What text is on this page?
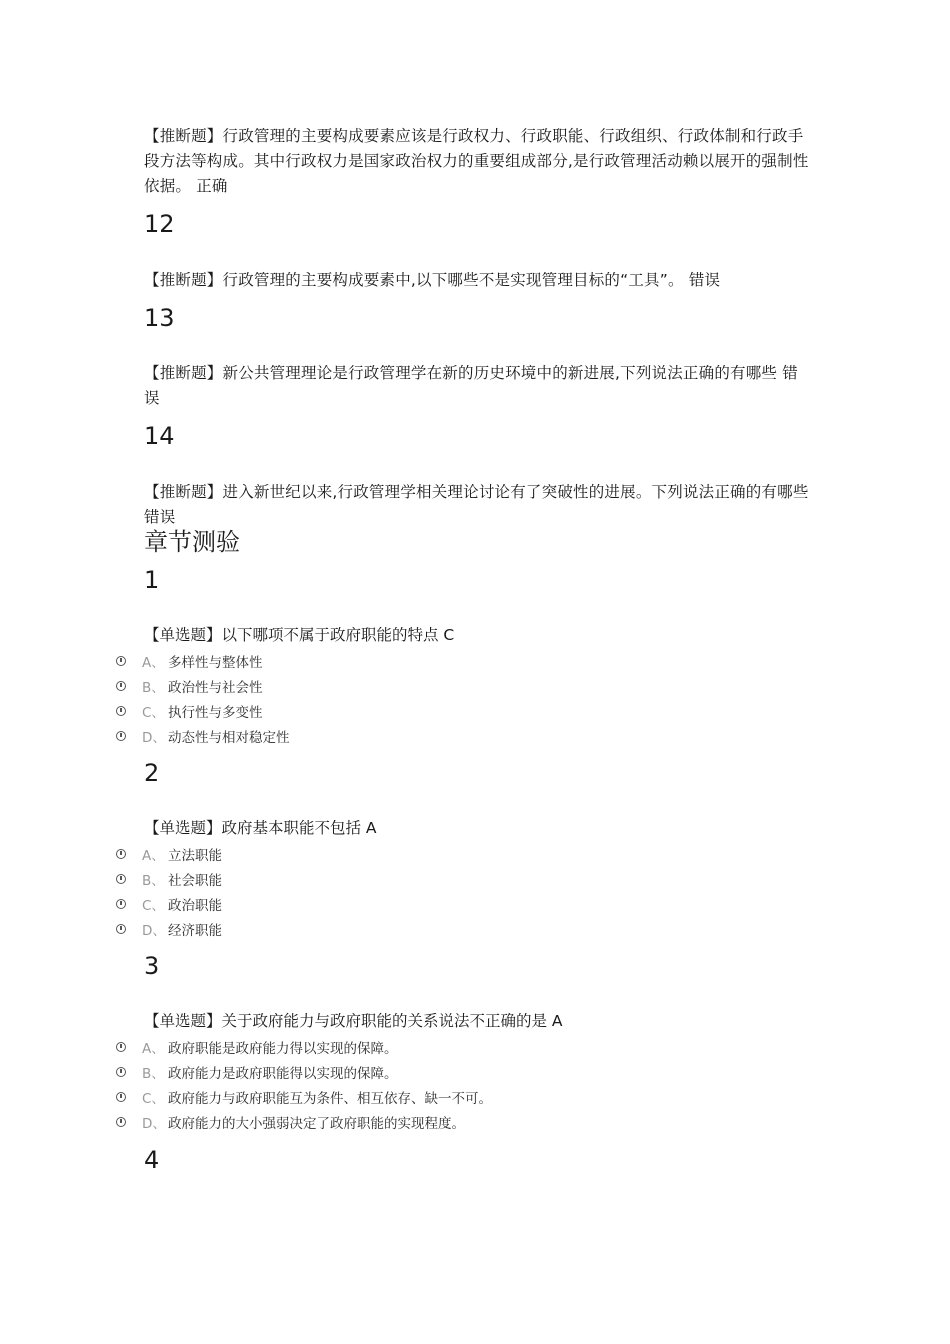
【推断题】行政管理的主要构成要素应该是行政权力、行政职能、行政组织、行政体制和行政手段方法等构成。其中行政权力是国家政治权力的重要组成部分,是行政管理活动赖以展开的强制性依据。 正确

12

【推断题】行政管理的主要构成要素中,以下哪些不是实现管理目标的“工具”。 错误

13

【推断题】新公共管理理论是行政管理学在新的历史环境中的新进展,下列说法正确的有哪些 错误

14

【推断题】进入新世纪以来,行政管理学相关理论讨论有了突破性的进展。下列说法正确的有哪些 错误

章节测验

1

【单选题】以下哪项不属于政府职能的特点 C

A、 多样性与整体性
B、 政治性与社会性
C、 执行性与多变性
D、 动态性与相对稳定性

2

【单选题】政府基本职能不包括 A

A、 立法职能
B、 社会职能
C、 政治职能
D、 经济职能

3

【单选题】关于政府能力与政府职能的关系说法不正确的是 A

A、 政府职能是政府能力得以实现的保障。
B、 政府能力是政府职能得以实现的保障。
C、 政府能力与政府职能互为条件、相互依存、缺一不可。
D、 政府能力的大小强弱决定了政府职能的实现程度。

4
